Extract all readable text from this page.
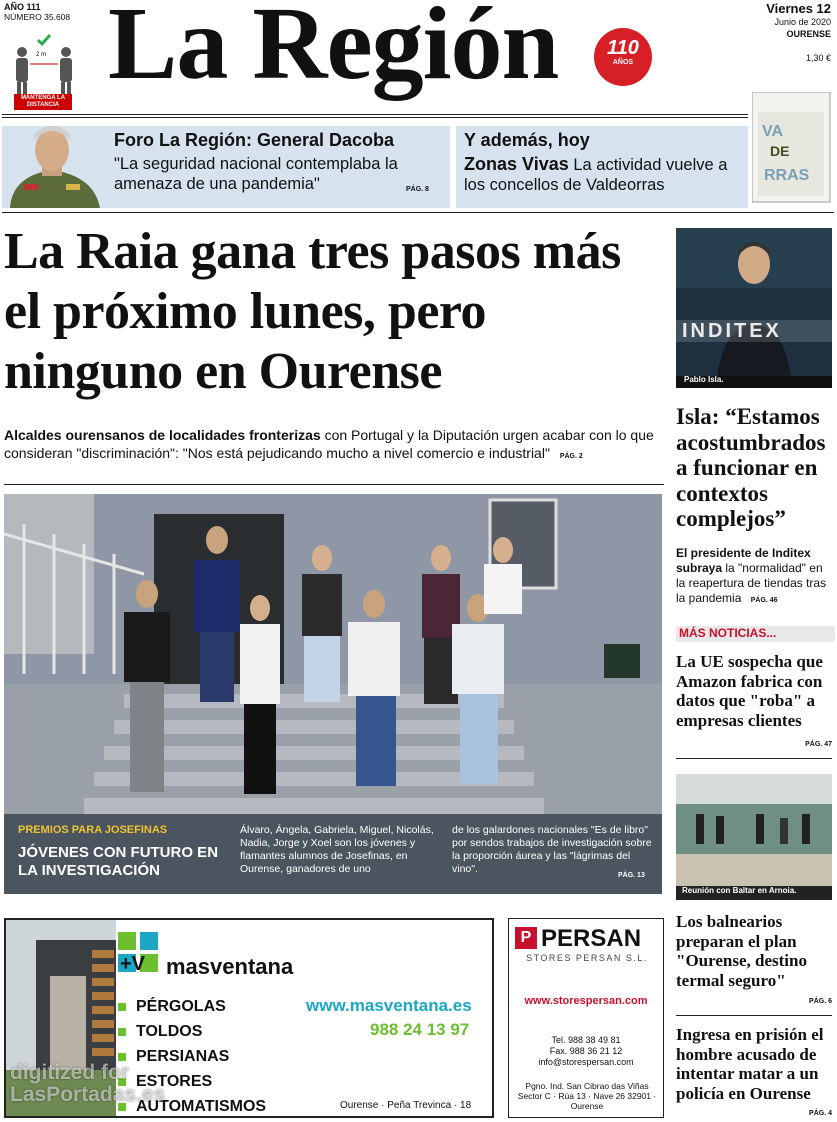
AÑO 111
NÚMERO 35.608
2 m
MANTENGA LA DISTANCIA
La Región	110
AÑOS
Viernes 12
Junio de 2020
OURENSE
1,30 €
Foro La Región: General Dacoba
"La seguridad nacional contemplaba la amenaza de una pandemia"	PÁG. 8
Y además, hoy
Zonas Vivas La actividad vuelve a los concellos de Valdeorras
VA
DE
RRAS
La Raia gana tres pasos más el próximo lunes, pero ninguno en Ourense
Alcaldes ourensanos de localidades fronterizas con Portugal y la Diputación urgen acabar con lo que consideran "discriminación": "Nos está pejudicando mucho a nivel comercio e industrial" PÁG. 2
PREMIOS PARA JOSEFINAS
JÓVENES CON FUTURO EN LA INVESTIGACIÓN
Álvaro, Ángela, Gabriela, Miguel, Nicolás, Nadia, Jorge y Xoel son los jóvenes y flamantes alumnos de Josefinas, en Ourense, ganadores de uno
de los galardones nacionales "Es de libro" por sendos trabajos de investigación sobre la proporción áurea y las "lágrimas del vino".
PÁG. 13
INDITEX
Pablo Isla.
Isla: “Estamos acostumbrados a funcionar en contextos complejos”
El presidente de Inditex subraya la "normalidad" en la reapertura de tiendas tras la pandemia PÁG. 46
MÁS NOTICIAS...
La UE sospecha que Amazon fabrica con datos que "roba" a empresas clientes
PÁG. 47
Reunión con Baltar en Arnoia.
Los balnearios preparan el plan "Ourense, destino termal seguro"
PÁG. 6
Ingresa en prisión el hombre acusado de intentar matar a un policía en Ourense
PÁG. 4
+V masventana
PÉRGOLAS
TOLDOS
PERSIANAS
ESTORES
AUTOMATISMOS
www.masventana.es
988 24 13 97
Ourense · Peña Trevinca · 18
digitized for LasPortadas.es
P PERSAN
STORES PERSAN S.L.
www.storespersan.com
Tel. 988 38 49 81
Fax. 988 36 21 12
info@storespersan.com
Pgno. Ind. San Cibrao das Viñas Sector C · Rúa 13 · Nave 26 32901 · Ourense
